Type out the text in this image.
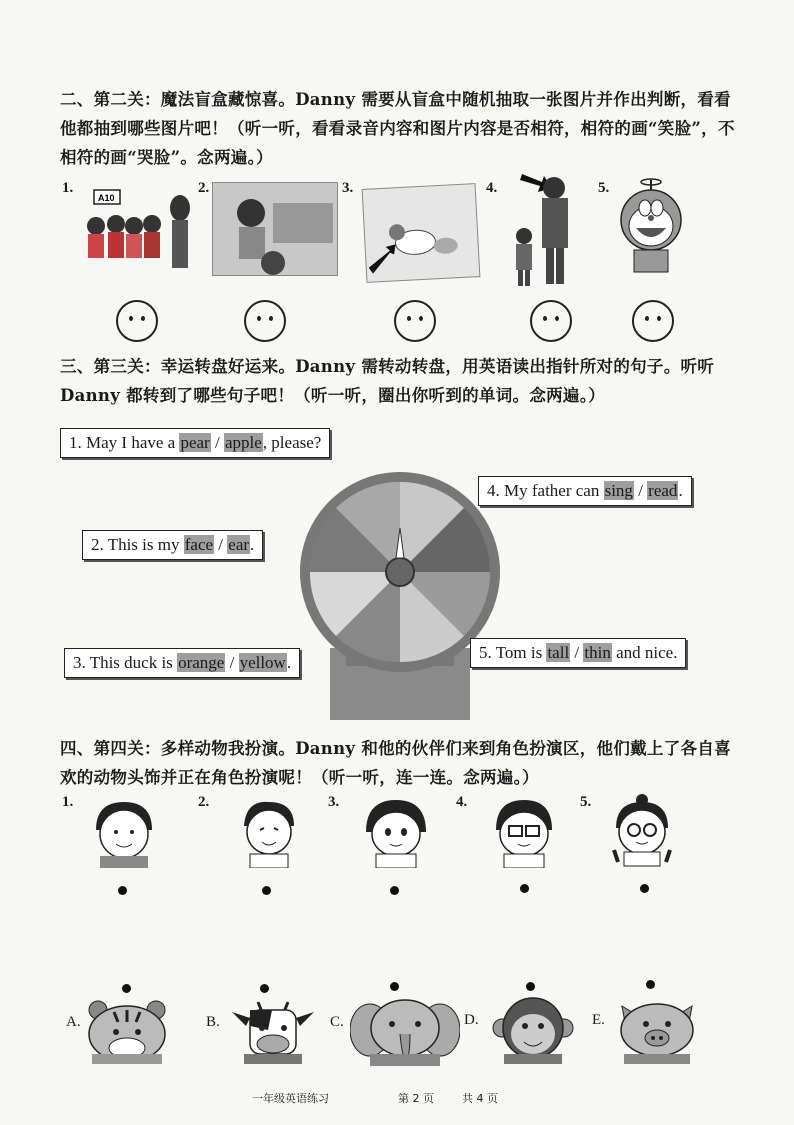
二、第二关：魔法盲盒藏惊喜。Danny 需要从盲盒中随机抽取一张图片并作出判断，看看他都抽到哪些图片吧！（听一听，看看录音内容和图片内容是否相符，相符的画“笑脸”，不相符的画“哭脸”。念两遍。）
1.	2.	3.	4.	5.
A10
三、第三关：幸运转盘好运来。Danny 需转动转盘，用英语读出指针所对的句子。听听 Danny 都转到了哪些句子吧！（听一听，圈出你听到的单词。念两遍。）
1. May I have a pear / apple, please?
2. This is my face / ear.
3. This duck is orange / yellow.
4. My father can sing / read.
5. Tom is tall / thin and nice.
四、第四关：多样动物我扮演。Danny 和他的伙伴们来到角色扮演区，他们戴上了各自喜欢的动物头饰并正在角色扮演呢！（听一听，连一连。念两遍。）
1.	2.	3.	4.	5.
A.	B.	C.	D.	E.
一年级英语练习	第 2 页	共 4 页
